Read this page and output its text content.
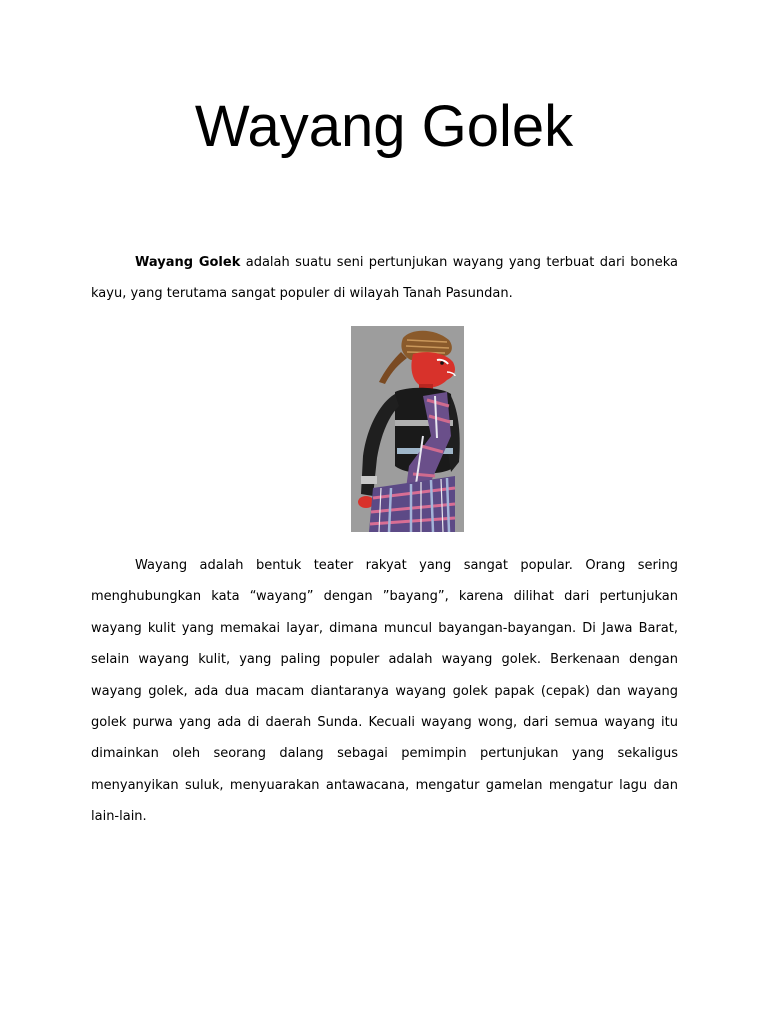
Wayang Golek

Wayang Golek adalah suatu seni pertunjukan wayang yang terbuat dari boneka kayu, yang terutama sangat populer di wilayah Tanah Pasundan.

Wayang adalah bentuk teater rakyat yang sangat popular. Orang sering menghubungkan kata “wayang” dengan ”bayang”, karena dilihat dari pertunjukan wayang kulit yang memakai layar, dimana muncul bayangan-bayangan. Di Jawa Barat, selain wayang kulit, yang paling populer adalah wayang golek. Berkenaan dengan wayang golek, ada dua macam diantaranya wayang golek papak (cepak) dan wayang golek purwa yang ada di daerah Sunda. Kecuali wayang wong, dari semua wayang itu dimainkan oleh seorang dalang sebagai pemimpin pertunjukan yang sekaligus menyanyikan suluk, menyuarakan antawacana, mengatur gamelan mengatur lagu dan lain-lain.
